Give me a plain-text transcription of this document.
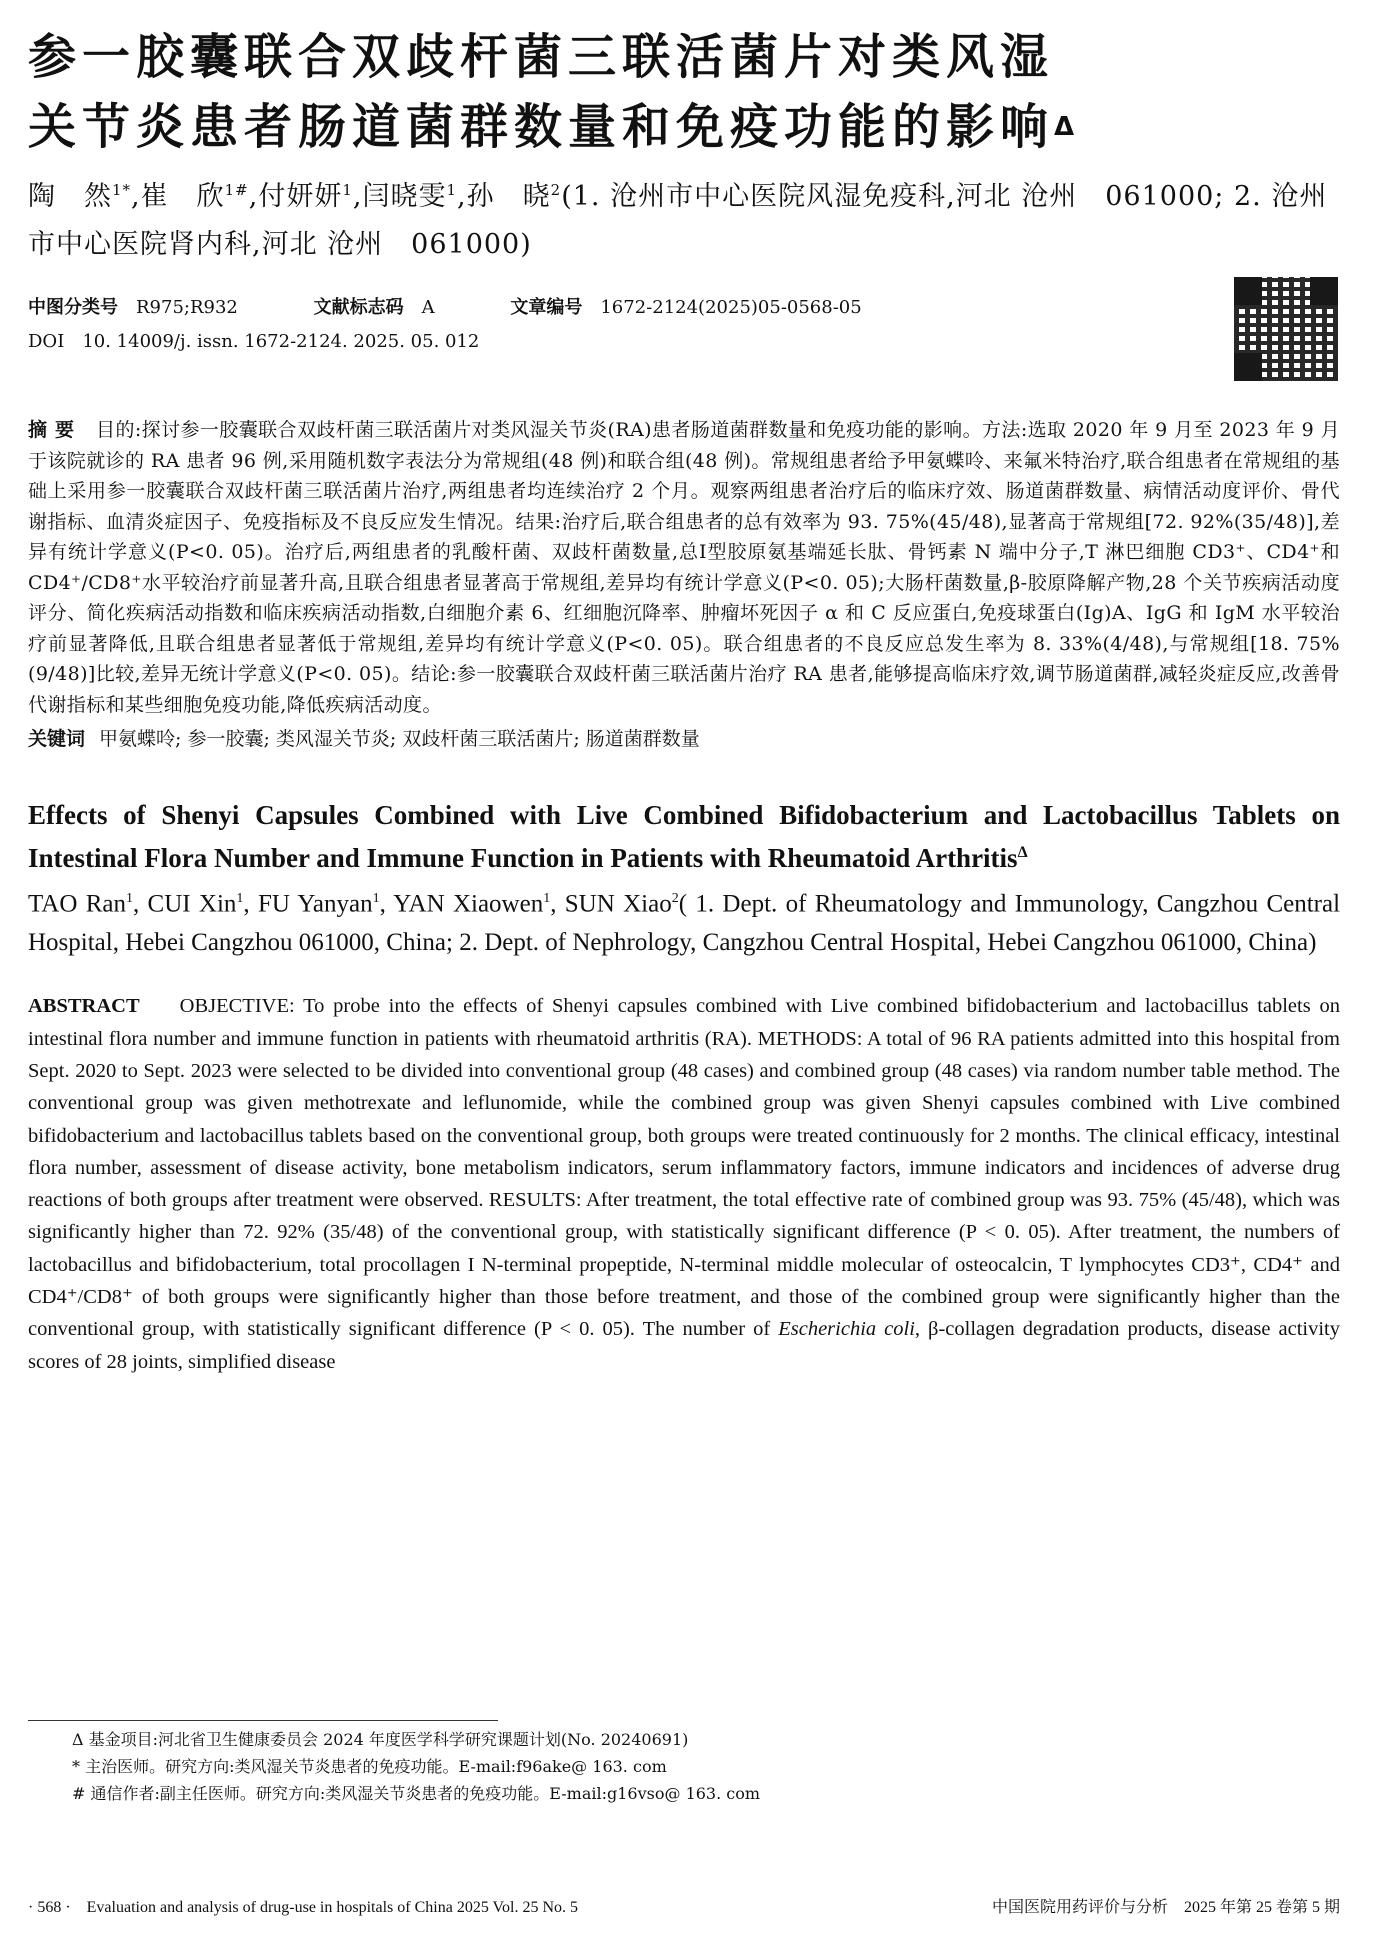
参一胶囊联合双歧杆菌三联活菌片对类风湿
关节炎患者肠道菌群数量和免疫功能的影响$^\Delta$
陶　然$^{1*}$,崔　欣$^{1\#}$,付妍妍$^1$,闫晓雯$^1$,孙　晓$^2$(1. 沧州市中心医院风湿免疫科,河北 沧州　061000; 2. 沧州市中心医院肾内科,河北 沧州　061000)
中图分类号 R975;R932	文献标志码 A	文章编号 1672-2124(2025)05-0568-05
DOI 10. 14009/j. issn. 1672-2124. 2025. 05. 012
摘要 目的:探讨参一胶囊联合双歧杆菌三联活菌片对类风湿关节炎(RA)患者肠道菌群数量和免疫功能的影响。方法:选取 2020 年 9 月至 2023 年 9 月于该院就诊的 RA 患者 96 例,采用随机数字表法分为常规组(48 例)和联合组(48 例)。常规组患者给予甲氨蝶呤、来氟米特治疗,联合组患者在常规组的基础上采用参一胶囊联合双歧杆菌三联活菌片治疗,两组患者均连续治疗 2 个月。观察两组患者治疗后的临床疗效、肠道菌群数量、病情活动度评价、骨代谢指标、血清炎症因子、免疫指标及不良反应发生情况。结果:治疗后,联合组患者的总有效率为 93. 75%(45/48),显著高于常规组[72. 92%(35/48)],差异有统计学意义(P<0. 05)。治疗后,两组患者的乳酸杆菌、双歧杆菌数量,总Ⅰ型胶原氨基端延长肽、骨钙素 N 端中分子,T 淋巴细胞 CD3⁺、CD4⁺和 CD4⁺/CD8⁺水平较治疗前显著升高,且联合组患者显著高于常规组,差异均有统计学意义(P<0. 05);大肠杆菌数量,β-胶原降解产物,28 个关节疾病活动度评分、简化疾病活动指数和临床疾病活动指数,白细胞介素 6、红细胞沉降率、肿瘤坏死因子 α 和 C 反应蛋白,免疫球蛋白(Ig)A、IgG 和 IgM 水平较治疗前显著降低,且联合组患者显著低于常规组,差异均有统计学意义(P<0. 05)。联合组患者的不良反应总发生率为 8. 33%(4/48),与常规组[18. 75%(9/48)]比较,差异无统计学意义(P<0. 05)。结论:参一胶囊联合双歧杆菌三联活菌片治疗 RA 患者,能够提高临床疗效,调节肠道菌群,减轻炎症反应,改善骨代谢指标和某些细胞免疫功能,降低疾病活动度。
关键词 甲氨蝶呤; 参一胶囊; 类风湿关节炎; 双歧杆菌三联活菌片; 肠道菌群数量
Effects of Shenyi Capsules Combined with Live Combined Bifidobacterium and Lactobacillus Tablets on Intestinal Flora Number and Immune Function in Patients with Rheumatoid Arthritis$^\Delta$
TAO Ran$^1$, CUI Xin$^1$, FU Yanyan$^1$, YAN Xiaowen$^1$, SUN Xiao$^2$( 1. Dept. of Rheumatology and Immunology, Cangzhou Central Hospital, Hebei Cangzhou 061000, China; 2. Dept. of Nephrology, Cangzhou Central Hospital, Hebei Cangzhou 061000, China)
ABSTRACT OBJECTIVE: To probe into the effects of Shenyi capsules combined with Live combined bifidobacterium and lactobacillus tablets on intestinal flora number and immune function in patients with rheumatoid arthritis (RA). METHODS: A total of 96 RA patients admitted into this hospital from Sept. 2020 to Sept. 2023 were selected to be divided into conventional group (48 cases) and combined group (48 cases) via random number table method. The conventional group was given methotrexate and leflunomide, while the combined group was given Shenyi capsules combined with Live combined bifidobacterium and lactobacillus tablets based on the conventional group, both groups were treated continuously for 2 months. The clinical efficacy, intestinal flora number, assessment of disease activity, bone metabolism indicators, serum inflammatory factors, immune indicators and incidences of adverse drug reactions of both groups after treatment were observed. RESULTS: After treatment, the total effective rate of combined group was 93. 75% (45/48), which was significantly higher than 72. 92% (35/48) of the conventional group, with statistically significant difference (P < 0. 05). After treatment, the numbers of lactobacillus and bifidobacterium, total procollagen I N-terminal propeptide, N-terminal middle molecular of osteocalcin, T lymphocytes CD3⁺, CD4⁺ and CD4⁺/CD8⁺ of both groups were significantly higher than those before treatment, and those of the combined group were significantly higher than the conventional group, with statistically significant difference (P < 0. 05). The number of Escherichia coli, β-collagen degradation products, disease activity scores of 28 joints, simplified disease
Δ 基金项目:河北省卫生健康委员会 2024 年度医学科学研究课题计划(No. 20240691)
* 主治医师。研究方向:类风湿关节炎患者的免疫功能。E-mail:f96ake@ 163. com
# 通信作者:副主任医师。研究方向:类风湿关节炎患者的免疫功能。E-mail:g16vso@ 163. com
· 568 ·　Evaluation and analysis of drug-use in hospitals of China 2025 Vol. 25 No. 5	中国医院用药评价与分析　2025 年第 25 卷第 5 期
